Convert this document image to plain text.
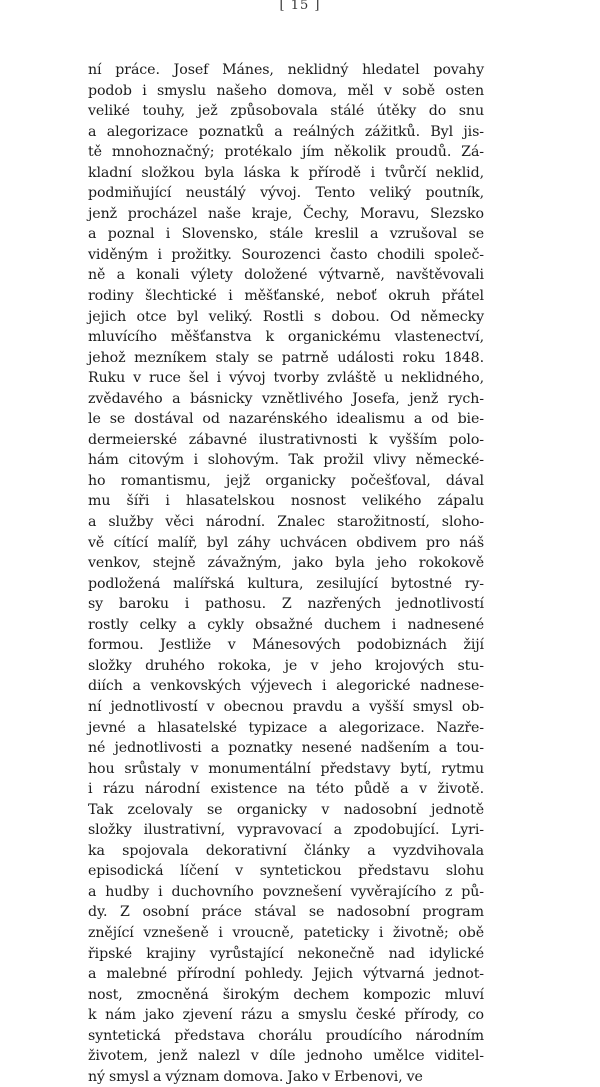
[ 15 ]
ní práce. Josef Mánes, neklidný hledatel povahy
podob i smyslu našeho domova, měl v sobě osten
veliké touhy, jež způsobovala stálé útěky do snu
a alegorizace poznatků a reálných zážitků. Byl jis-
tě mnohoznačný; protékalo jím několik proudů. Zá-
kladní složkou byla láska k přírodě i tvůrčí neklid,
podmiňující neustálý vývoj. Tento veliký poutník,
jenž procházel naše kraje, Čechy, Moravu, Slezsko
a poznal i Slovensko, stále kreslil a vzrušoval se
viděným i prožitky. Sourozenci často chodili společ-
ně a konali výlety doložené výtvarně, navštěvovali
rodiny šlechtické i měšťanské, neboť okruh přátel
jejich otce byl veliký. Rostli s dobou. Od německy
mluvícího měšťanstva k organickému vlastenectví,
jehož mezníkem staly se patrně události roku 1848.
Ruku v ruce šel i vývoj tvorby zvláště u neklidného,
zvědavého a básnicky vznětlivého Josefa, jenž rych-
le se dostával od nazarénského idealismu a od bie-
dermeierské zábavné ilustrativnosti k vyšším polo-
hám citovým i slohovým. Tak prožil vlivy německé-
ho romantismu, jejž organicky počešťoval, dával
mu šíři i hlasatelskou nosnost velikého zápalu
a služby věci národní. Znalec starožitností, sloho-
vě cítící malíř, byl záhy uchvácen obdivem pro náš
venkov, stejně závažným, jako byla jeho rokokově
podložená malířská kultura, zesilující bytostné ry-
sy baroku i pathosu. Z nazřených jednotlivostí
rostly celky a cykly obsažné duchem i nadnesené
formou. Jestliže v Mánesových podobiznách žijí
složky druhého rokoka, je v jeho krojových stu-
diích a venkovských výjevech i alegorické nadnese-
ní jednotlivostí v obecnou pravdu a vyšší smysl ob-
jevné a hlasatelské typizace a alegorizace. Nazře-
né jednotlivosti a poznatky nesené nadšením a tou-
hou srůstaly v monumentální představy bytí, rytmu
i rázu národní existence na této půdě a v životě.
Tak zcelovaly se organicky v nadosobní jednotě
složky ilustrativní, vypravovací a zpodobující. Lyri-
ka spojovala dekorativní články a vyzdvihovala
episodická líčení v syntetickou představu slohu
a hudby i duchovního povznešení vyvěrajícího z pů-
dy. Z osobní práce stával se nadosobní program
znějící vznešeně i vroucně, pateticky i životně; obě
řipské krajiny vyrůstající nekonečně nad idylické
a malebné přírodní pohledy. Jejich výtvarná jednot-
nost, zmocněná širokým dechem kompozic mluví
k nám jako zjevení rázu a smyslu české přírody, co
syntetická představa chorálu proudícího národním
životem, jenž nalezl v díle jednoho umělce viditel-
ný smysl a význam domova. Jako v Erbenovi, ve
